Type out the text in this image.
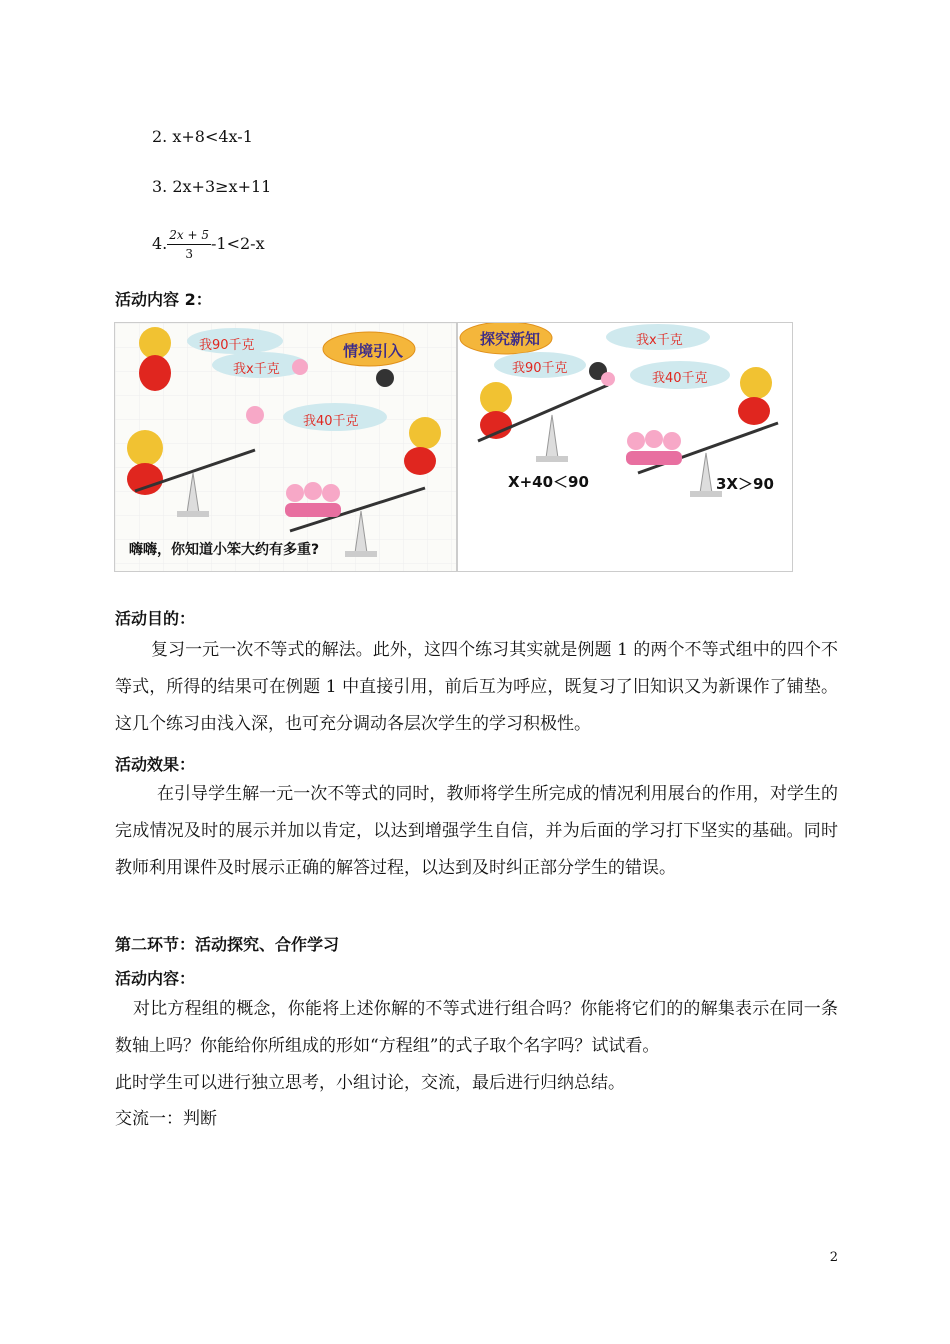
2. x+8<4x-1
3. 2x+3≥x+11
4. $\frac{2x + 5}{3} -1<2-x$
活动内容 2：
我90千克
我x千克
我40千克
情境引入
嗨嗨，你知道小笨大约有多重?
探究新知	我x千克
我90千克
我40千克
X+40＜90	3X＞90
活动目的：
复习一元一次不等式的解法。此外，这四个练习其实就是例题 1 的两个不等式组中的四个不等式，所得的结果可在例题 1 中直接引用，前后互为呼应，既复习了旧知识又为新课作了铺垫。这几个练习由浅入深，也可充分调动各层次学生的学习积极性。
活动效果：
在引导学生解一元一次不等式的同时，教师将学生所完成的情况利用展台的作用，对学生的完成情况及时的展示并加以肯定，以达到增强学生自信，并为后面的学习打下坚实的基础。同时教师利用课件及时展示正确的解答过程，以达到及时纠正部分学生的错误。
第二环节：活动探究、合作学习
活动内容：
对比方程组的概念，你能将上述你解的不等式进行组合吗？你能将它们的的解集表示在同一条数轴上吗？你能给你所组成的形如“方程组”的式子取个名字吗？试试看。
此时学生可以进行独立思考，小组讨论，交流，最后进行归纳总结。
交流一：判断
2
